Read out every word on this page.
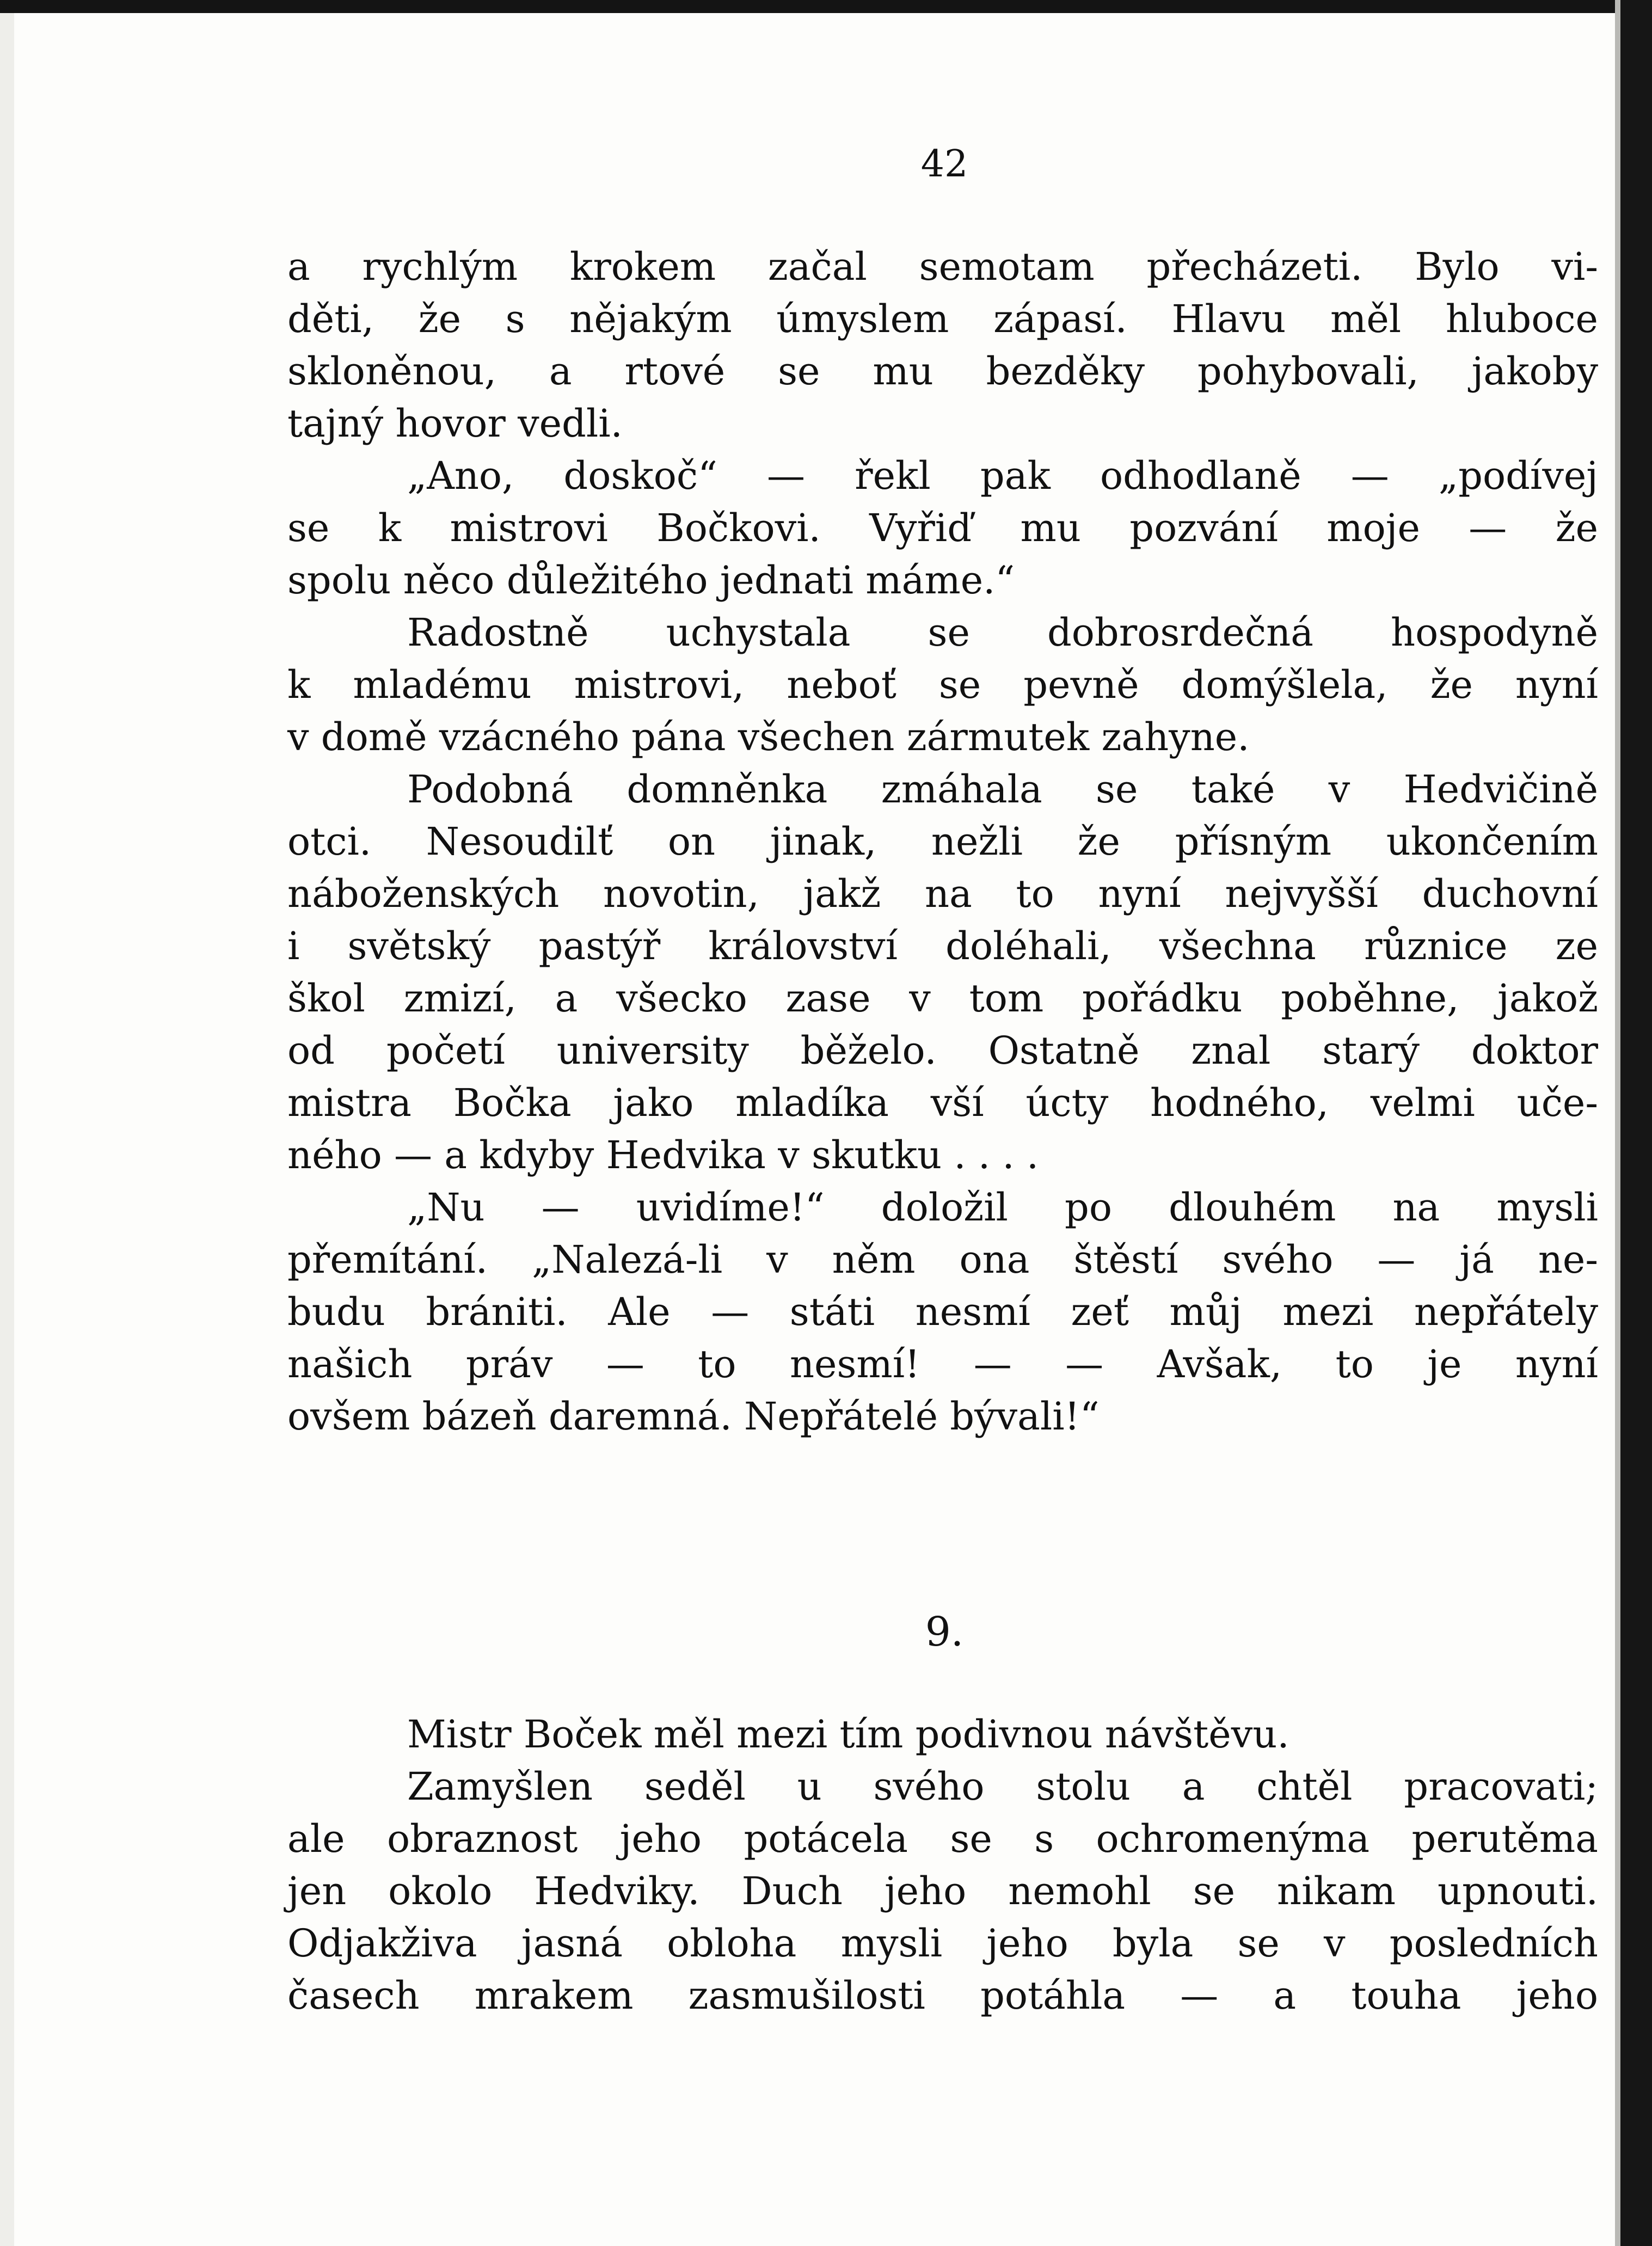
42
a rychlým krokem začal semotam přecházeti. Bylo vi-
děti, že s nějakým úmyslem zápasí. Hlavu měl hluboce
skloněnou, a rtové se mu bezděky pohybovali, jakoby
tajný hovor vedli.
„Ano, doskoč“ — řekl pak odhodlaně — „podívej
se k mistrovi Bočkovi. Vyřiď mu pozvání moje — že
spolu něco důležitého jednati máme.“
Radostně uchystala se dobrosrdečná hospodyně
k mladému mistrovi, neboť se pevně domýšlela, že nyní
v domě vzácného pána všechen zármutek zahyne.
Podobná domněnka zmáhala se také v Hedvičině
otci. Nesoudilť on jinak, nežli že přísným ukončením
náboženských novotin, jakž na to nyní nejvyšší duchovní
i světský pastýř království doléhali, všechna různice ze
škol zmizí, a všecko zase v tom pořádku poběhne, jakož
od početí university běželo. Ostatně znal starý doktor
mistra Bočka jako mladíka vší úcty hodného, velmi uče-
ného — a kdyby Hedvika v skutku . . . .
„Nu — uvidíme!“ doložil po dlouhém na mysli
přemítání. „Nalezá-li v něm ona štěstí svého — já ne-
budu brániti. Ale — státi nesmí zeť můj mezi nepřátely
našich práv — to nesmí! — — Avšak, to je nyní
ovšem bázeň daremná. Nepřátelé bývali!“
9.
Mistr Boček měl mezi tím podivnou návštěvu.
Zamyšlen seděl u svého stolu a chtěl pracovati;
ale obraznost jeho potácela se s ochromenýma perutěma
jen okolo Hedviky. Duch jeho nemohl se nikam upnouti.
Odjakživa jasná obloha mysli jeho byla se v posledních
časech mrakem zasmušilosti potáhla — a touha jeho
